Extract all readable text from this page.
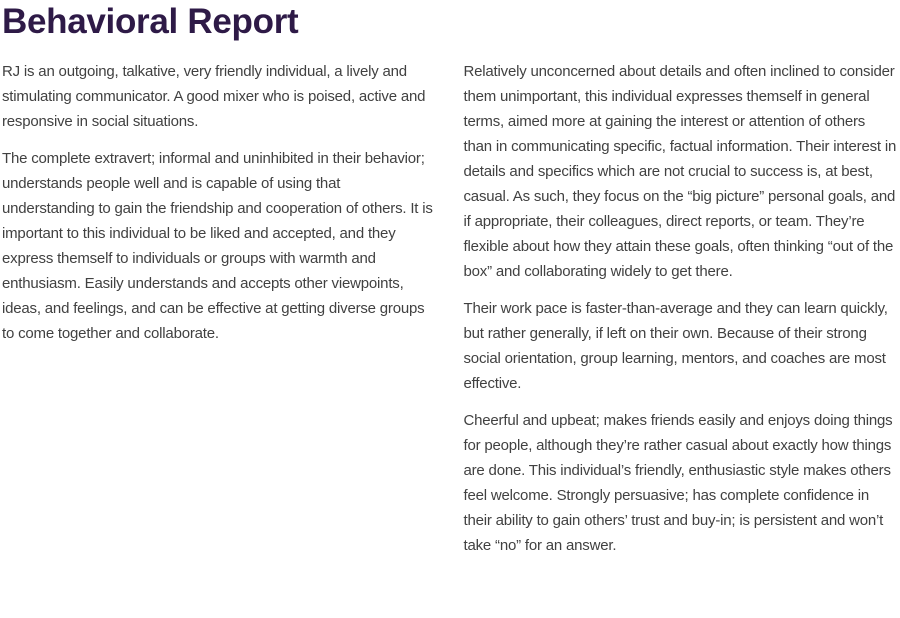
Behavioral Report

RJ is an outgoing, talkative, very friendly individual, a lively and stimulating communicator. A good mixer who is poised, active and responsive in social situations.

The complete extravert; informal and uninhibited in their behavior; understands people well and is capable of using that understanding to gain the friendship and cooperation of others. It is important to this individual to be liked and accepted, and they express themself to individuals or groups with warmth and enthusiasm. Easily understands and accepts other viewpoints, ideas, and feelings, and can be effective at getting diverse groups to come together and collaborate.

Relatively unconcerned about details and often inclined to consider them unimportant, this individual expresses themself in general terms, aimed more at gaining the interest or attention of others than in communicating specific, factual information. Their interest in details and specifics which are not crucial to success is, at best, casual. As such, they focus on the “big picture” personal goals, and if appropriate, their colleagues, direct reports, or team. They’re flexible about how they attain these goals, often thinking “out of the box” and collaborating widely to get there.

Their work pace is faster-than-average and they can learn quickly, but rather generally, if left on their own. Because of their strong social orientation, group learning, mentors, and coaches are most effective.

Cheerful and upbeat; makes friends easily and enjoys doing things for people, although they’re rather casual about exactly how things are done. This individual’s friendly, enthusiastic style makes others feel welcome. Strongly persuasive; has complete confidence in their ability to gain others’ trust and buy-in; is persistent and won’t take “no” for an answer.
